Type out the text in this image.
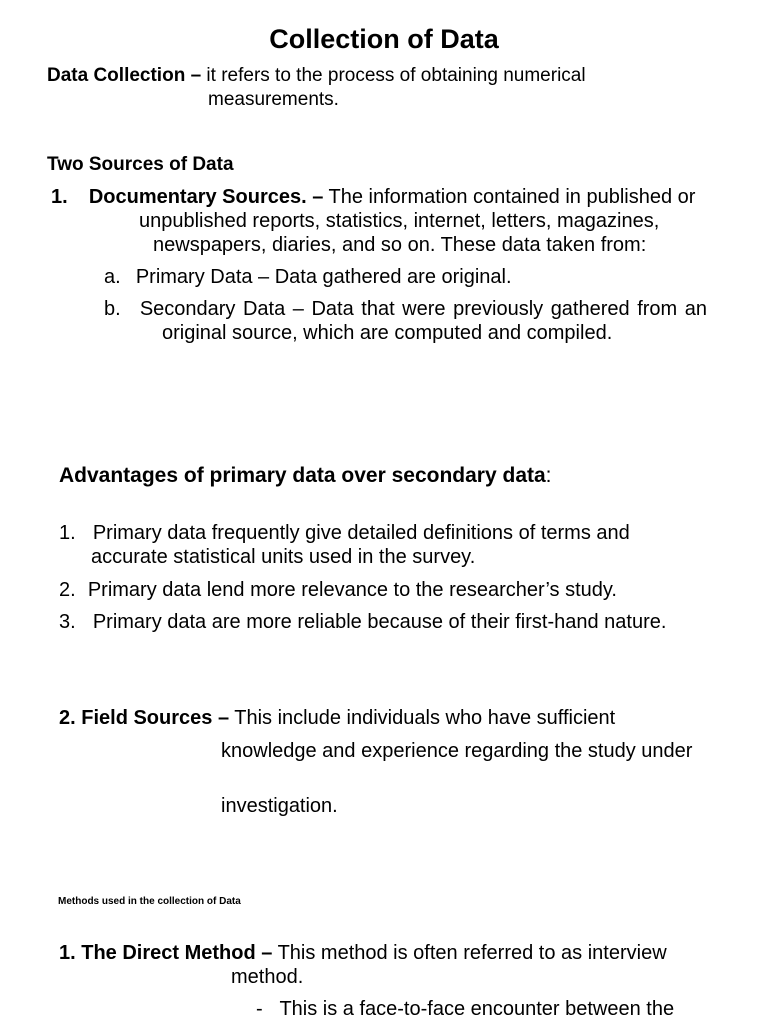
Collection of Data
Data Collection – it refers to the process of obtaining numerical
measurements.
Two Sources of Data
1. Documentary Sources. – The information contained in published or
unpublished reports, statistics, internet, letters, magazines,
newspapers, diaries, and so on. These data taken from:
a. Primary Data – Data gathered are original.
b. Secondary Data – Data that were previously gathered from an
original source, which are computed and compiled.
Advantages of primary data over secondary data:
1. Primary data frequently give detailed definitions of terms and
accurate statistical units used in the survey.
2. Primary data lend more relevance to the researcher’s study.
3. Primary data are more reliable because of their first-hand nature.
2. Field Sources – This include individuals who have sufficient
knowledge and experience regarding the study under
investigation.
Methods used in the collection of Data
1. The Direct Method – This method is often referred to as interview
method.
- This is a face-to-face encounter between the
